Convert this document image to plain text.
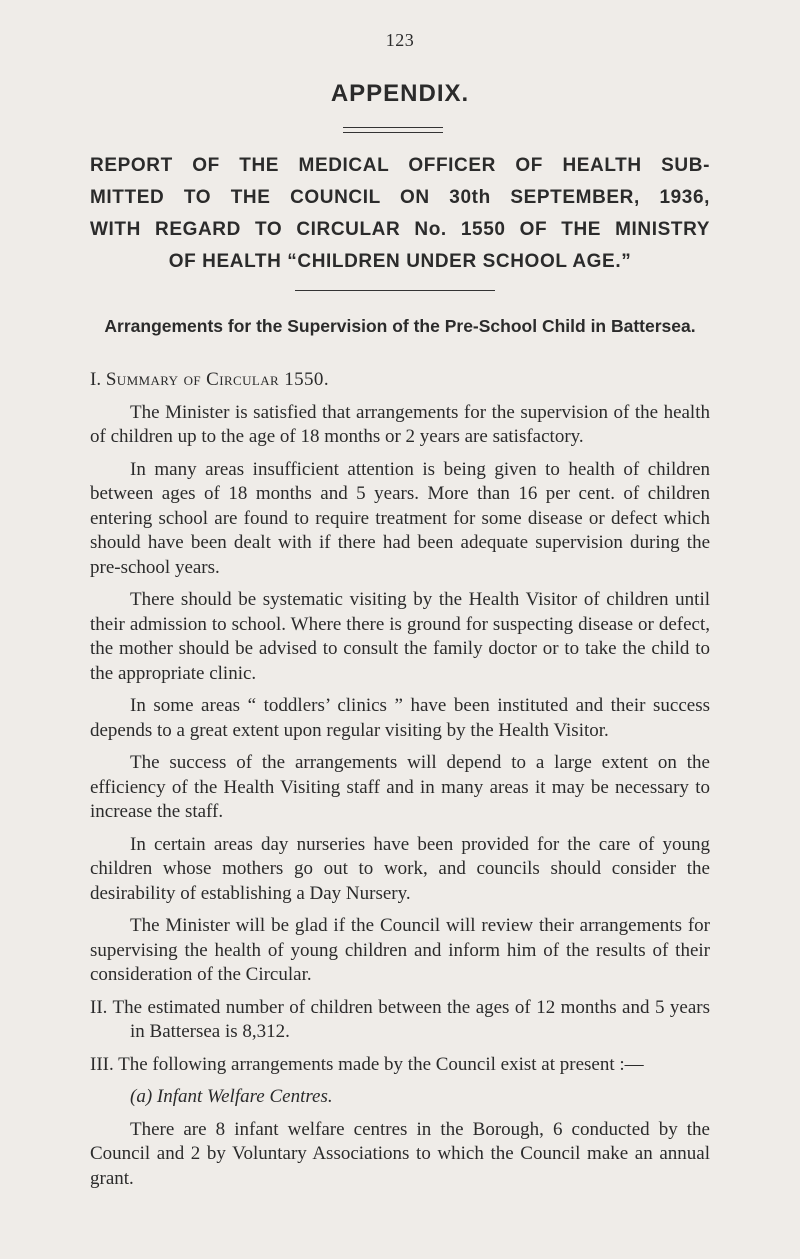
123
APPENDIX.
REPORT OF THE MEDICAL OFFICER OF HEALTH SUB-
MITTED TO THE COUNCIL ON 30th SEPTEMBER, 1936,
WITH REGARD TO CIRCULAR No. 1550 OF THE MINISTRY
OF HEALTH “CHILDREN UNDER SCHOOL AGE.”
Arrangements for the Supervision of the Pre-School Child in Battersea.

I. Summary of Circular 1550.

The Minister is satisfied that arrangements for the supervision of the health of children up to the age of 18 months or 2 years are satisfactory.

In many areas insufficient attention is being given to health of children between ages of 18 months and 5 years. More than 16 per cent. of children entering school are found to require treatment for some disease or defect which should have been dealt with if there had been adequate supervision during the pre-school years.

There should be systematic visiting by the Health Visitor of children until their admission to school. Where there is ground for suspecting disease or defect, the mother should be advised to consult the family doctor or to take the child to the appropriate clinic.

In some areas “ toddlers’ clinics ” have been instituted and their success depends to a great extent upon regular visiting by the Health Visitor.

The success of the arrangements will depend to a large extent on the efficiency of the Health Visiting staff and in many areas it may be necessary to increase the staff.

In certain areas day nurseries have been provided for the care of young children whose mothers go out to work, and councils should consider the desirability of establishing a Day Nursery.

The Minister will be glad if the Council will review their arrangements for supervising the health of young children and inform him of the results of their consideration of the Circular.

II. The estimated number of children between the ages of 12 months and 5 years in Battersea is 8,312.

III. The following arrangements made by the Council exist at present :—

(a) Infant Welfare Centres.

There are 8 infant welfare centres in the Borough, 6 conducted by the Council and 2 by Voluntary Associations to which the Council make an annual grant.
